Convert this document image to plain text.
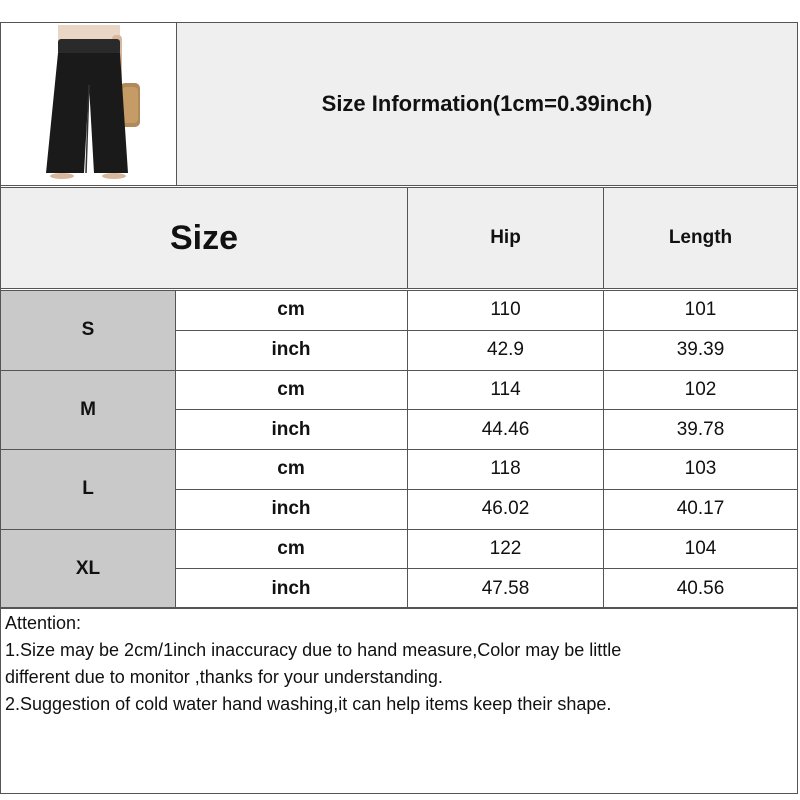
Size Information(1cm=0.39inch)
Size	Hip	Length
S
cm	110	101
inch	42.9	39.39
M
cm	114	102
inch	44.46	39.78
L
cm	118	103
inch	46.02	40.17
XL
cm	122	104
inch	47.58	40.56
Attention:
1.Size may be 2cm/1inch inaccuracy due to hand measure,Color may be little
different due to monitor ,thanks for your understanding.
2.Suggestion of cold water hand washing,it can help items keep their shape.
